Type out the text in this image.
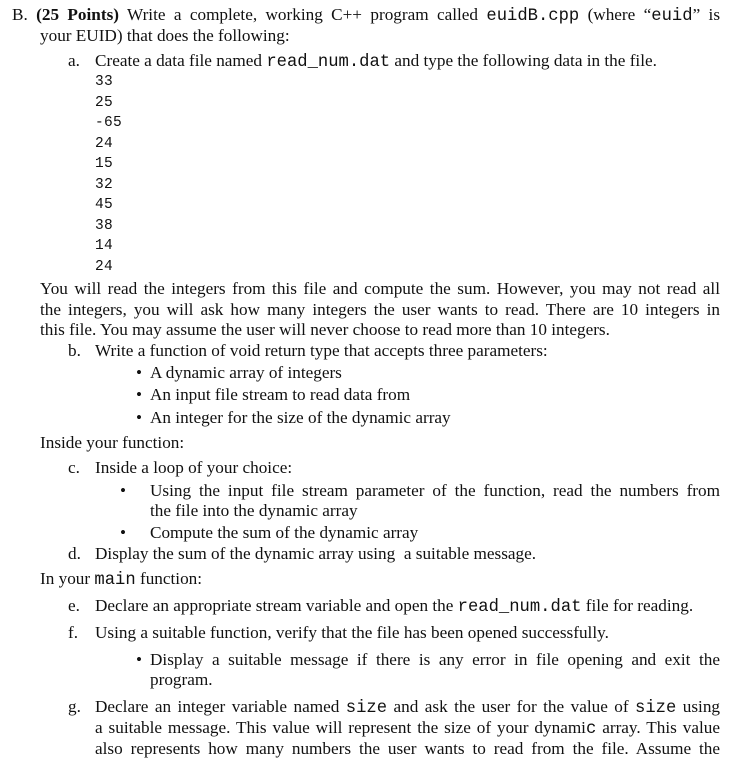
B. (25 Points) Write a complete, working C++ program called euidB.cpp (where “euid” is
your EUID) that does the following:
a. Create a data file named read_num.dat and type the following data in the file.
33
25
-65
24
15
32
45
38
14
24
You will read the integers from this file and compute the sum. However, you may not read all
the integers, you will ask how many integers the user wants to read. There are 10 integers in
this file. You may assume the user will never choose to read more than 10 integers.
b. Write a function of void return type that accepts three parameters:
• A dynamic array of integers
• An input file stream to read data from
• An integer for the size of the dynamic array
Inside your function:
c. Inside a loop of your choice:
• Using the input file stream parameter of the function, read the numbers from
the file into the dynamic array
• Compute the sum of the dynamic array
d. Display the sum of the dynamic array using  a suitable message.
In your main function:
e. Declare an appropriate stream variable and open the read_num.dat file for reading.
f. Using a suitable function, verify that the file has been opened successfully.
• Display a suitable message if there is any error in file opening and exit the
program.
g. Declare an integer variable named size and ask the user for the value of size using
a suitable message. This value will represent the size of your dynamic array. This value
also represents how many numbers the user wants to read from the file. Assume the
